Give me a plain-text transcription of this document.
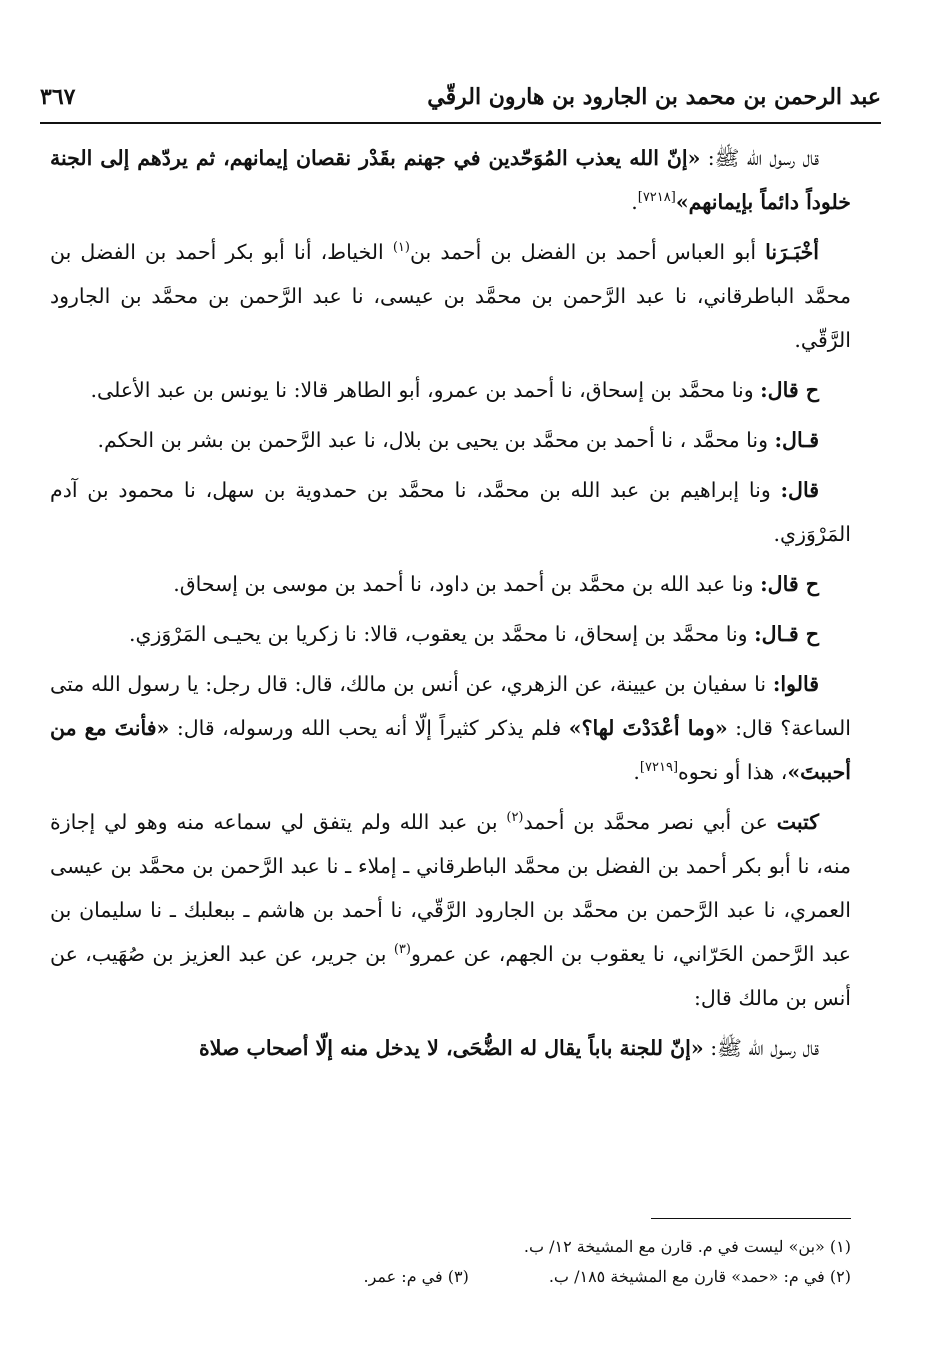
عبد الرحمن بن محمد بن الجارود بن هارون الرقّي
٣٦٧

قال رسول الله ﷺ: «إنّ الله يعذب المُوَحّدين في جهنم بقَدْر نقصان إيمانهم، ثم يردّهم إلى الجنة خلوداً دائماً بإيمانهم»[٧٢١٨].

أخْبَـرَنا أبو العباس أحمد بن الفضل بن أحمد بن$^{(١)}$ الخياط، أنا أبو بكر أحمد بن الفضل بن محمَّد الباطرقاني، نا عبد الرَّحمن بن محمَّد بن عيسى، نا عبد الرَّحمن بن محمَّد بن الجارود الرَّقّي.

ح قال: ونا محمَّد بن إسحاق، نا أحمد بن عمرو، أبو الطاهر قالا: نا يونس بن عبد الأعلى.

قـال: ونا محمَّد ، نا أحمد بن محمَّد بن يحيى بن بلال، نا عبد الرَّحمن بن بشر بن الحكم.

قال: ونا إبراهيم بن عبد الله بن محمَّد، نا محمَّد بن حمدوية بن سهل، نا محمود بن آدم المَرْوَزي.

ح قال: ونا عبد الله بن محمَّد بن أحمد بن داود، نا أحمد بن موسى بن إسحاق.

ح قـال: ونا محمَّد بن إسحاق، نا محمَّد بن يعقوب، قالا: نا زكريا بن يحيـى المَرْوَزي.

قالوا: نا سفيان بن عيينة، عن الزهري، عن أنس بن مالك، قال: قال رجل: يا رسول الله متى الساعة؟ قال: «وما أعْدَدْتَ لها؟» فلم يذكر كثيراً إلّا أنه يحب الله ورسوله، قال: «فأنتَ مع من أحببتَ»، هذا أو نحوه[٧٢١٩].

كتبت عن أبي نصر محمَّد بن أحمد$^{(٢)}$ بن عبد الله ولم يتفق لي سماعه منه وهو لي إجازة منه، نا أبو بكر أحمد بن الفضل بن محمَّد الباطرقاني ـ إملاء ـ نا عبد الرَّحمن بن محمَّد بن عيسى العمري، نا عبد الرَّحمن بن محمَّد بن الجارود الرَّقّي، نا أحمد بن هاشم ـ ببعلبك ـ نا سليمان بن عبد الرَّحمن الحَرّاني، نا يعقوب بن الجهم، عن عمرو$^{(٣)}$ بن جرير، عن عبد العزيز بن صُهَيب، عن أنس بن مالك قال:

قال رسول الله ﷺ: «إنّ للجنة باباً يقال له الضُّحَى، لا يدخل منه إلّا أصحاب صلاة

(١) «بن» ليست في م. قارن مع المشيخة ١٢/ ب.
(٢) في م: «حمد» قارن مع المشيخة ١٨٥/ ب.
(٣) في م: عمر.
